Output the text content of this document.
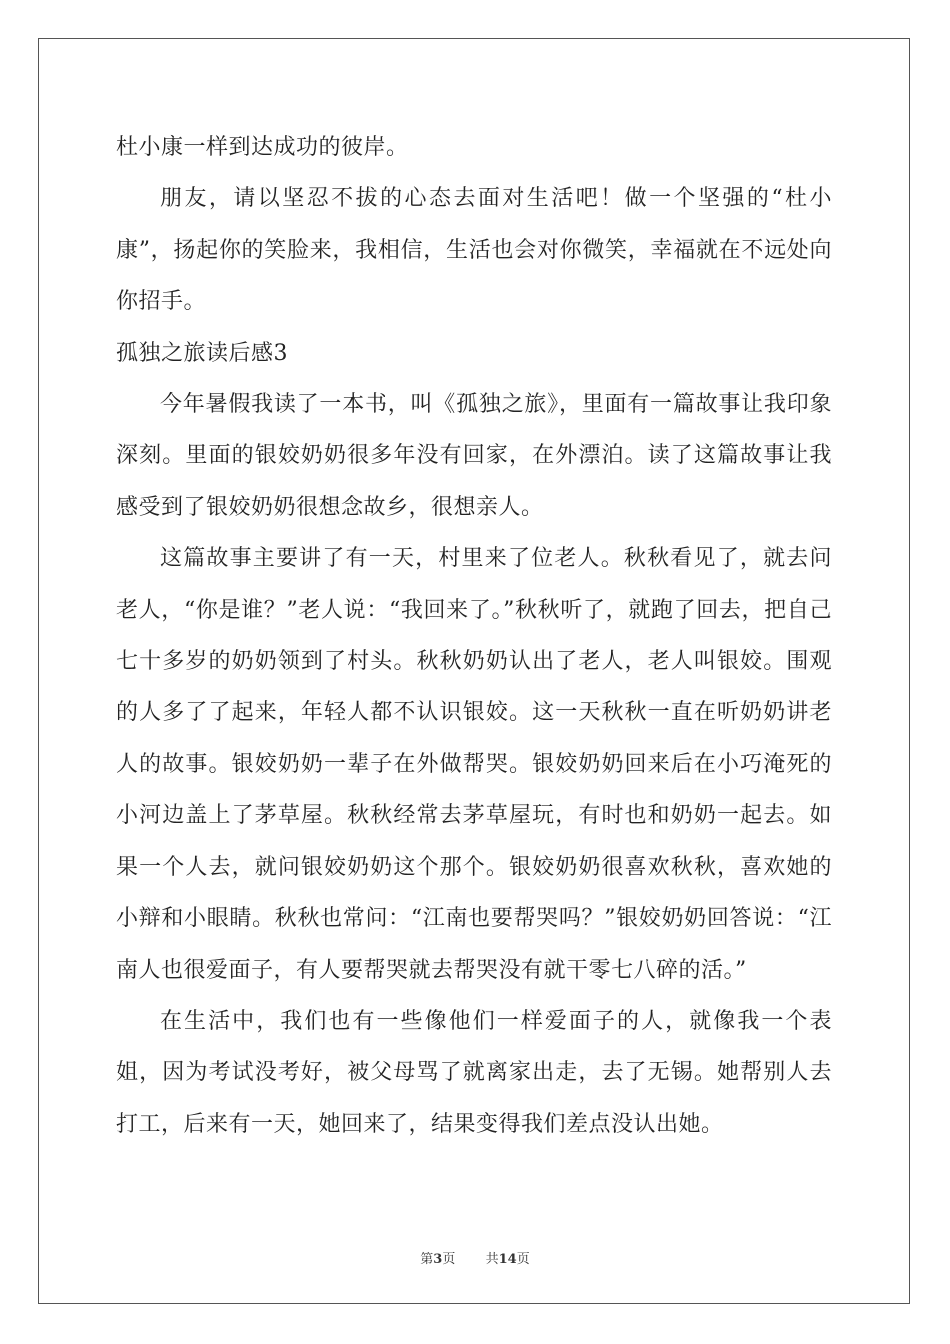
杜小康一样到达成功的彼岸。

朋友，请以坚忍不拔的心态去面对生活吧！做一个坚强的“杜小康”，扬起你的笑脸来，我相信，生活也会对你微笑，幸福就在不远处向你招手。

孤独之旅读后感3

今年暑假我读了一本书，叫《孤独之旅》，里面有一篇故事让我印象深刻。里面的银姣奶奶很多年没有回家，在外漂泊。读了这篇故事让我感受到了银姣奶奶很想念故乡，很想亲人。

这篇故事主要讲了有一天，村里来了位老人。秋秋看见了，就去问老人，“你是谁？”老人说：“我回来了。”秋秋听了，就跑了回去，把自己七十多岁的奶奶领到了村头。秋秋奶奶认出了老人，老人叫银姣。围观的人多了了起来，年轻人都不认识银姣。这一天秋秋一直在听奶奶讲老人的故事。银姣奶奶一辈子在外做帮哭。银姣奶奶回来后在小巧淹死的小河边盖上了茅草屋。秋秋经常去茅草屋玩，有时也和奶奶一起去。如果一个人去，就问银姣奶奶这个那个。银姣奶奶很喜欢秋秋，喜欢她的小辩和小眼睛。秋秋也常问：“江南也要帮哭吗？”银姣奶奶回答说：“江南人也很爱面子，有人要帮哭就去帮哭没有就干零七八碎的活。”

在生活中，我们也有一些像他们一样爱面子的人，就像我一个表姐，因为考试没考好，被父母骂了就离家出走，去了无锡。她帮别人去打工，后来有一天，她回来了，结果变得我们差点没认出她。

第3页 共14页
